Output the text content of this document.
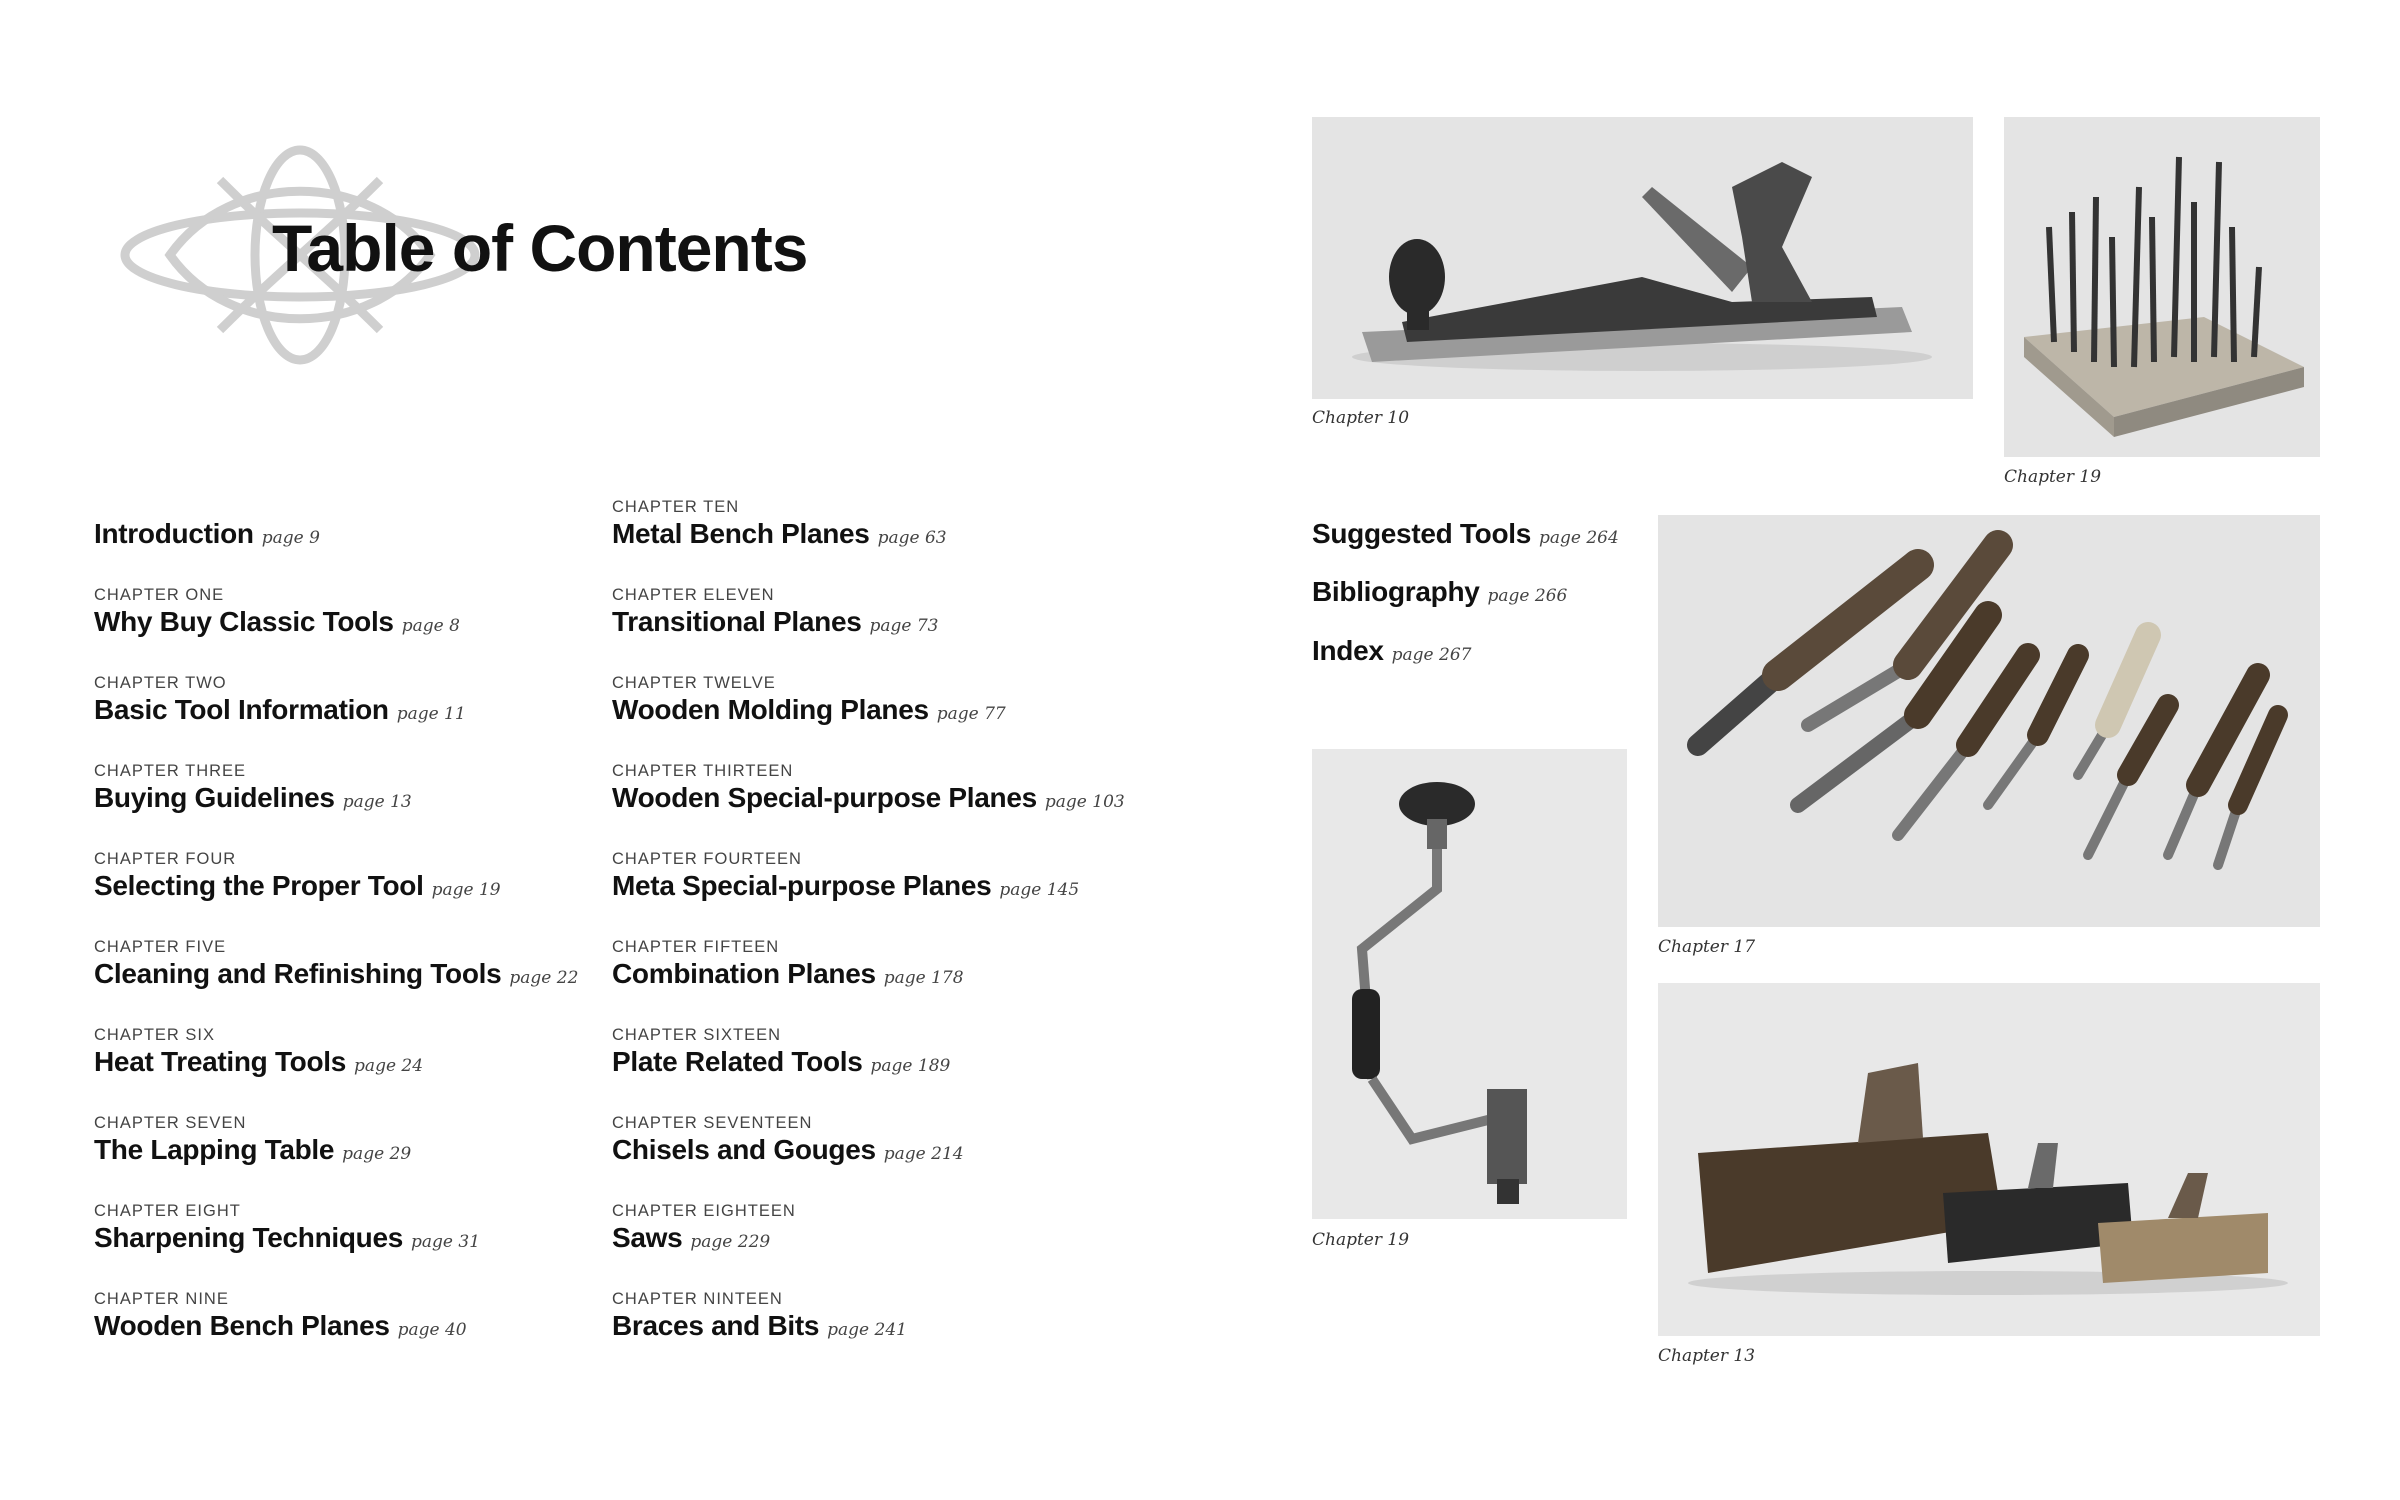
Table of Contents
Introduction page 9
CHAPTER ONE
Why Buy Classic Tools page 8
CHAPTER TWO
Basic Tool Information page 11
CHAPTER THREE
Buying Guidelines page 13
CHAPTER FOUR
Selecting the Proper Tool page 19
CHAPTER FIVE
Cleaning and Refinishing Tools page 22
CHAPTER SIX
Heat Treating Tools page 24
CHAPTER SEVEN
The Lapping Table page 29
CHAPTER EIGHT
Sharpening Techniques page 31
CHAPTER NINE
Wooden Bench Planes page 40
CHAPTER TEN
Metal Bench Planes page 63
CHAPTER ELEVEN
Transitional Planes page 73
CHAPTER TWELVE
Wooden Molding Planes page 77
CHAPTER THIRTEEN
Wooden Special-purpose Planes page 103
CHAPTER FOURTEEN
Meta Special-purpose Planes page 145
CHAPTER FIFTEEN
Combination Planes page 178
CHAPTER SIXTEEN
Plate Related Tools page 189
CHAPTER SEVENTEEN
Chisels and Gouges page 214
CHAPTER EIGHTEEN
Saws page 229
CHAPTER NINTEEN
Braces and Bits page 241
Suggested Tools page 264
Bibliography page 266
Index page 267
Chapter 10
Chapter 19
Chapter 17
Chapter 19
Chapter 13
